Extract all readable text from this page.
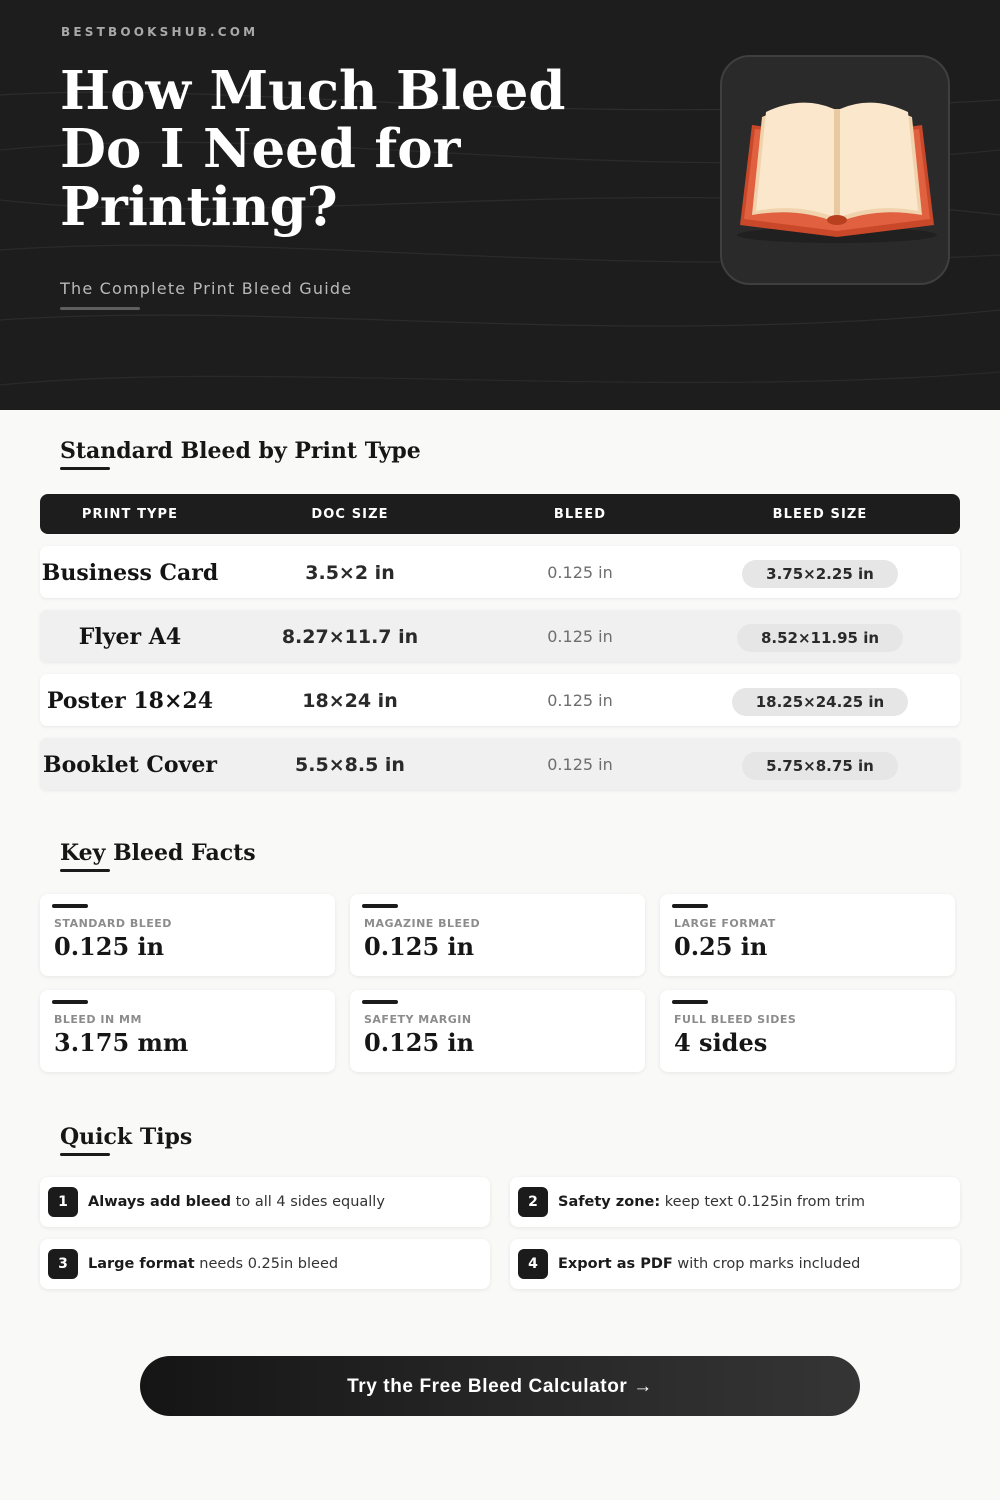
BESTBOOKSHUB.COM
How Much Bleed Do I Need for Printing?
The Complete Print Bleed Guide
Standard Bleed by Print Type
PRINT TYPE	DOC SIZE	BLEED	BLEED SIZE
Business Card	3.5×2 in	0.125 in	3.75×2.25 in
Flyer A4	8.27×11.7 in	0.125 in	8.52×11.95 in
Poster 18×24	18×24 in	0.125 in	18.25×24.25 in
Booklet Cover	5.5×8.5 in	0.125 in	5.75×8.75 in
Key Bleed Facts
STANDARD BLEED
0.125 in
MAGAZINE BLEED
0.125 in
LARGE FORMAT
0.25 in
BLEED IN MM
3.175 mm
SAFETY MARGIN
0.125 in
FULL BLEED SIDES
4 sides
Quick Tips
1	Always add bleed to all 4 sides equally	2	Safety zone: keep text 0.125in from trim
3	Large format needs 0.25in bleed	4	Export as PDF with crop marks included
Try the Free Bleed Calculator →
